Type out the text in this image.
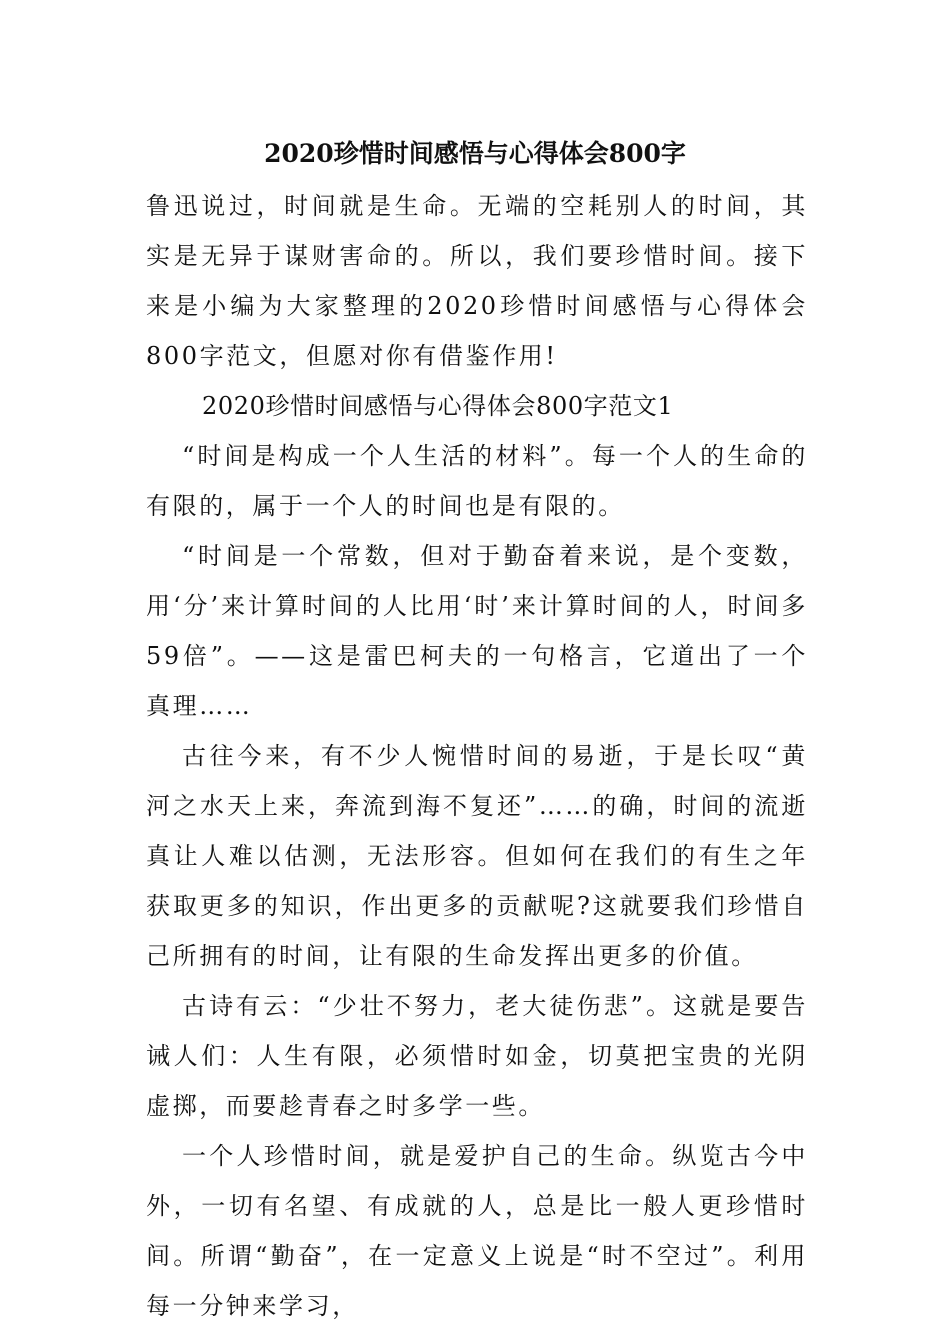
2020珍惜时间感悟与心得体会800字

鲁迅说过，时间就是生命。无端的空耗别人的时间，其实是无异于谋财害命的。所以，我们要珍惜时间。接下来是小编为大家整理的2020珍惜时间感悟与心得体会800字范文，但愿对你有借鉴作用!

2020珍惜时间感悟与心得体会800字范文1

“时间是构成一个人生活的材料”。每一个人的生命的有限的，属于一个人的时间也是有限的。

“时间是一个常数，但对于勤奋着来说，是个变数，用‘分’来计算时间的人比用‘时’来计算时间的人，时间多59倍”。——这是雷巴柯夫的一句格言，它道出了一个真理……

古往今来，有不少人惋惜时间的易逝，于是长叹“黄河之水天上来，奔流到海不复还”……的确，时间的流逝真让人难以估测，无法形容。但如何在我们的有生之年获取更多的知识，作出更多的贡献呢?这就要我们珍惜自己所拥有的时间，让有限的生命发挥出更多的价值。

古诗有云：“少壮不努力，老大徒伤悲”。这就是要告诫人们：人生有限，必须惜时如金，切莫把宝贵的光阴虚掷，而要趁青春之时多学一些。

一个人珍惜时间，就是爱护自己的生命。纵览古今中外，一切有名望、有成就的人，总是比一般人更珍惜时间。所谓“勤奋”，在一定意义上说是“时不空过”。利用每一分钟来学习，
